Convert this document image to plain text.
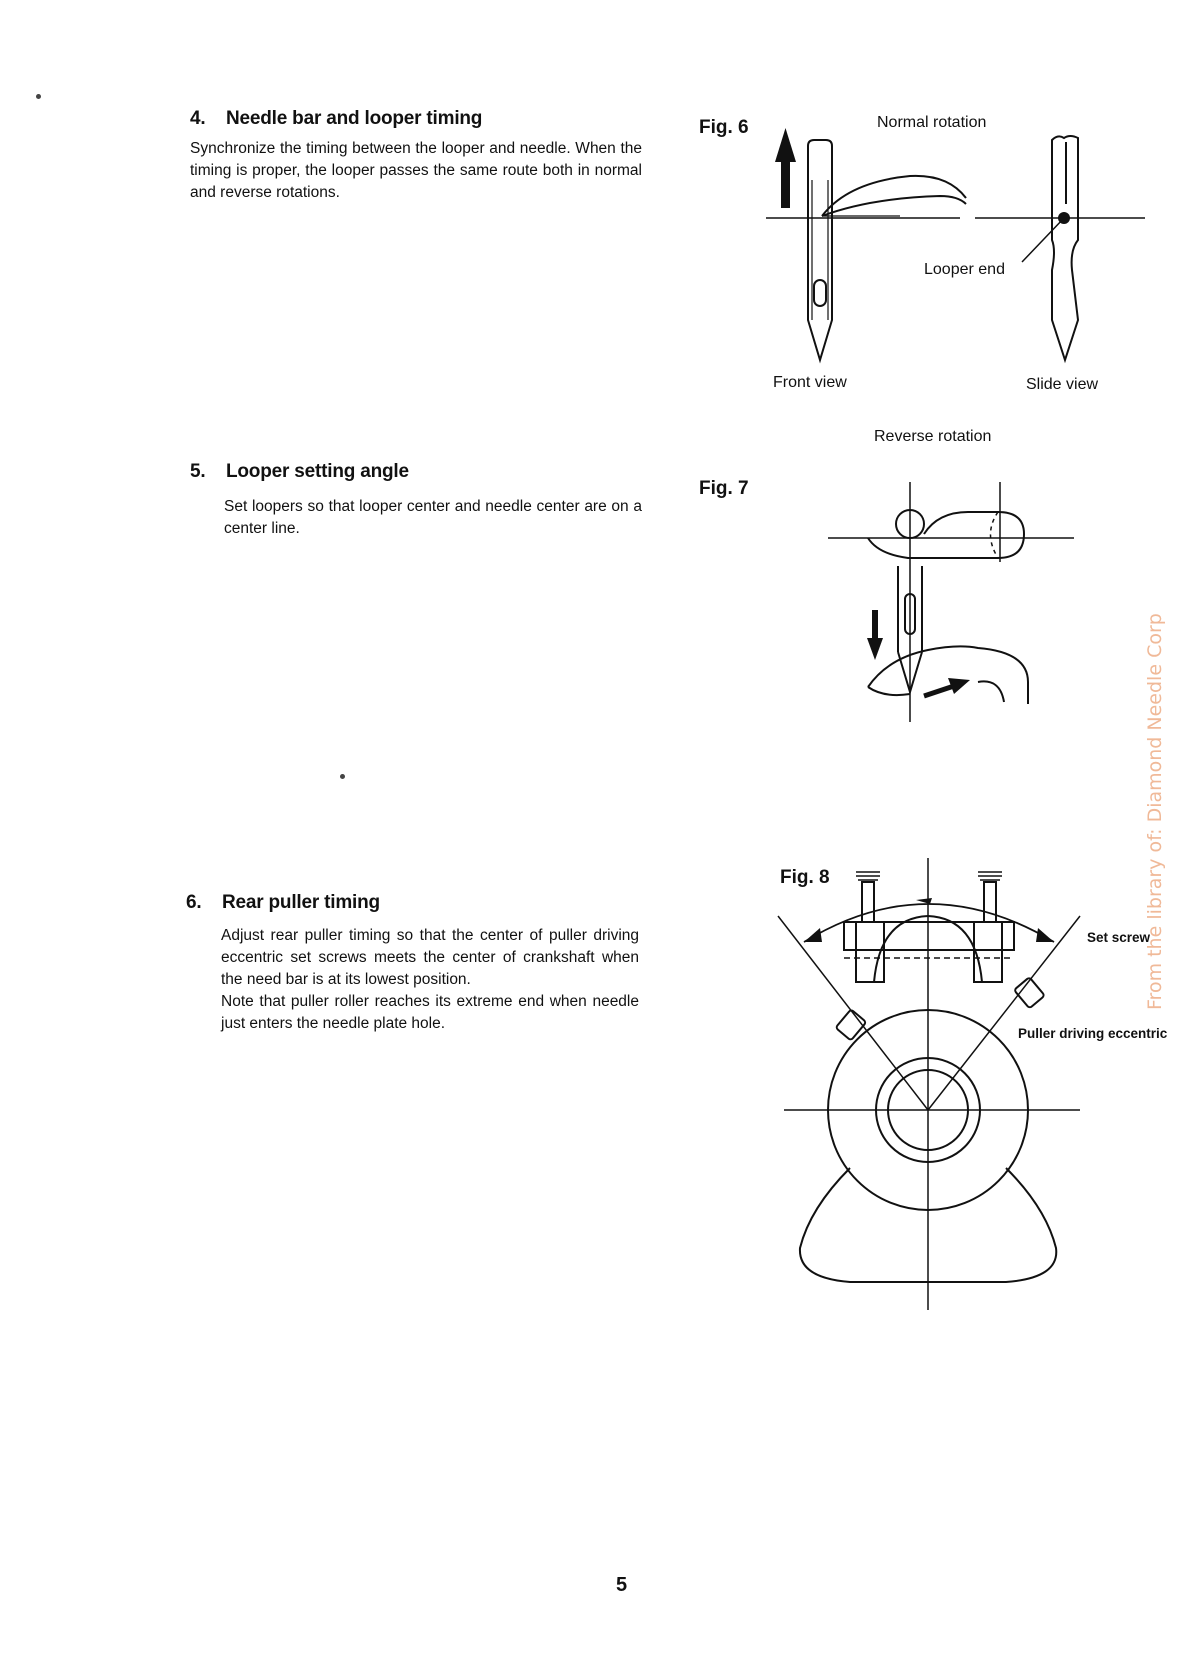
4. Needle bar and looper timing

Synchronize the timing between the looper and needle. When the timing is proper, the looper passes the same route both in normal and reverse rotations.

5. Looper setting angle

Set loopers so that looper center and needle center are on a center line.

6. Rear puller timing

Adjust rear puller timing so that the center of puller driving eccentric set screws meets the center of crankshaft when the need bar is at its lowest position.

Note that puller roller reaches its extreme end when needle just enters the needle plate hole.

Fig. 6	Normal rotation
Looper end
Front view	Slide view
Reverse rotation
Fig. 7
Fig. 8
Set screw
Puller driving eccentric
5
From the library of: Diamond Needle Corp
